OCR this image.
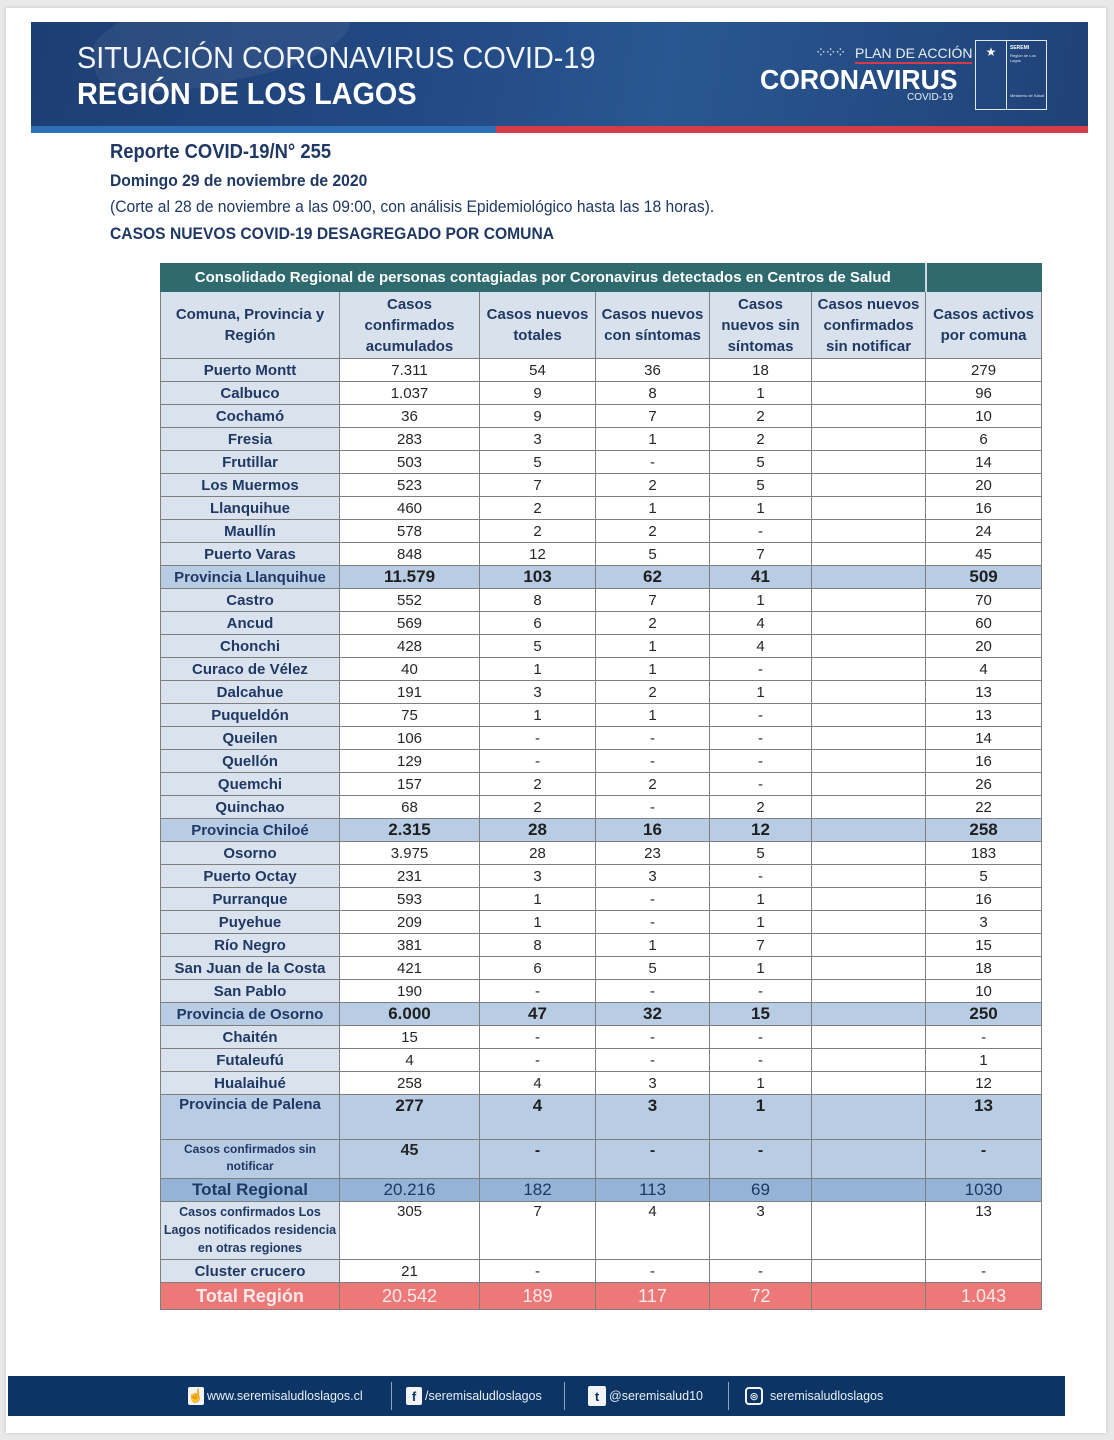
SITUACIÓN CORONAVIRUS COVID-19
REGIÓN DE LOS LAGOS
⁘⁘⁘ PLAN DE ACCIÓN
CORONAVIRUS
COVID-19
★	SEREMI
Región de Los Lagos
Ministerio de Salud
Reporte COVID-19/N° 255
Domingo 29 de noviembre de 2020
(Corte al 28 de noviembre a las 09:00, con análisis Epidemiológico hasta las 18 horas).
CASOS NUEVOS COVID-19 DESAGREGADO POR COMUNA
Consolidado Regional de personas contagiadas por Coronavirus detectados en Centros de Salud						
Comuna, Provincia y Región	Casos confirmados acumulados	Casos nuevos totales	Casos nuevos con síntomas	Casos nuevos sin síntomas	Casos nuevos confirmados sin notificar	Casos activos por comuna
Puerto Montt	7.311	54	36	18		279
Calbuco	1.037	9	8	1		96
Cochamó	36	9	7	2		10
Fresia	283	3	1	2		6
Frutillar	503	5	-	5		14
Los Muermos	523	7	2	5		20
Llanquihue	460	2	1	1		16
Maullín	578	2	2	-		24
Puerto Varas	848	12	5	7		45
Provincia Llanquihue	11.579	103	62	41		509
Castro	552	8	7	1		70
Ancud	569	6	2	4		60
Chonchi	428	5	1	4		20
Curaco de Vélez	40	1	1	-		4
Dalcahue	191	3	2	1		13
Puqueldón	75	1	1	-		13
Queilen	106	-	-	-		14
Quellón	129	-	-	-		16
Quemchi	157	2	2	-		26
Quinchao	68	2	-	2		22
Provincia Chiloé	2.315	28	16	12		258
Osorno	3.975	28	23	5		183
Puerto Octay	231	3	3	-		5
Purranque	593	1	-	1		16
Puyehue	209	1	-	1		3
Río Negro	381	8	1	7		15
San Juan de la Costa	421	6	5	1		18
San Pablo	190	-	-	-		10
Provincia de Osorno	6.000	47	32	15		250
Chaitén	15	-	-	-		-
Futaleufú	4	-	-	-		1
Hualaihué	258	4	3	1		12
Provincia de Palena	277	4	3	1		13
Casos confirmados sin notificar	45	-	-	-		-
Total Regional	20.216	182	113	69		1030
Casos confirmados Los Lagos notificados residencia en otras regiones	305	7	4	3		13
Cluster crucero	21	-	-	-		-
Total Región	20.542	189	117	72		1.043
☝ www.seremisaludloslagos.cl	f /seremisaludloslagos	t @seremisalud10	◎ seremisaludloslagos
